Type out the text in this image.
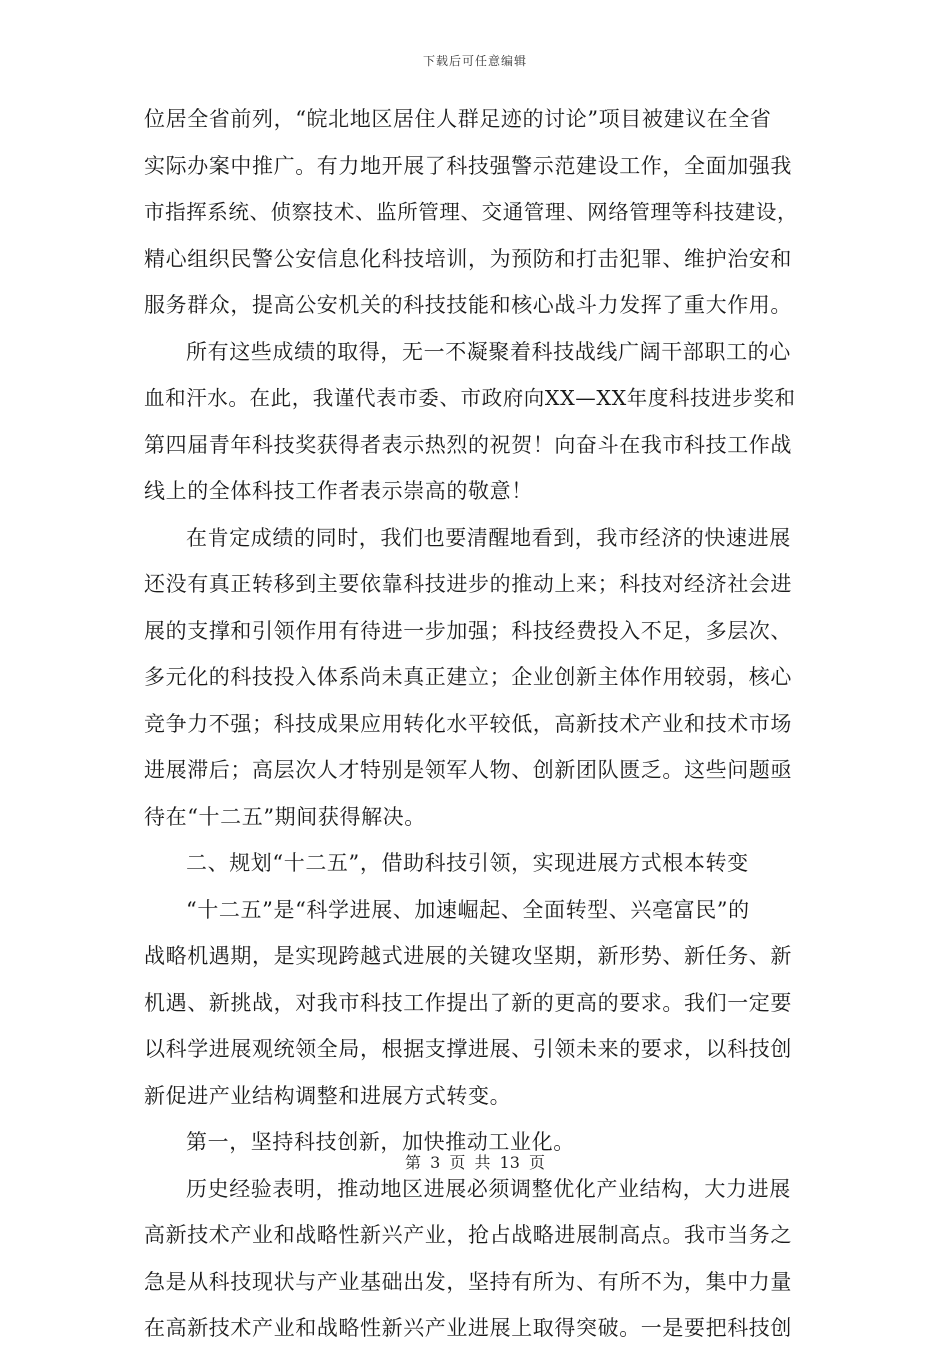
下载后可任意编辑
位居全省前列，“皖北地区居住人群足迹的讨论”项目被建议在全省
实际办案中推广。有力地开展了科技强警示范建设工作，全面加强我
市指挥系统、侦察技术、监所管理、交通管理、网络管理等科技建设，
精心组织民警公安信息化科技培训，为预防和打击犯罪、维护治安和
服务群众，提高公安机关的科技技能和核心战斗力发挥了重大作用。
所有这些成绩的取得，无一不凝聚着科技战线广阔干部职工的心
血和汗水。在此，我谨代表市委、市政府向XX—XX年度科技进步奖和
第四届青年科技奖获得者表示热烈的祝贺！向奋斗在我市科技工作战
线上的全体科技工作者表示崇高的敬意！
在肯定成绩的同时，我们也要清醒地看到，我市经济的快速进展
还没有真正转移到主要依靠科技进步的推动上来；科技对经济社会进
展的支撑和引领作用有待进一步加强；科技经费投入不足，多层次、
多元化的科技投入体系尚未真正建立；企业创新主体作用较弱，核心
竞争力不强；科技成果应用转化水平较低，高新技术产业和技术市场
进展滞后；高层次人才特别是领军人物、创新团队匮乏。这些问题亟
待在“十二五”期间获得解决。
二、规划“十二五”，借助科技引领，实现进展方式根本转变
“十二五”是“科学进展、加速崛起、全面转型、兴亳富民”的
战略机遇期，是实现跨越式进展的关键攻坚期，新形势、新任务、新
机遇、新挑战，对我市科技工作提出了新的更高的要求。我们一定要
以科学进展观统领全局，根据支撑进展、引领未来的要求，以科技创
新促进产业结构调整和进展方式转变。
第一，坚持科技创新，加快推动工业化。
历史经验表明，推动地区进展必须调整优化产业结构，大力进展
高新技术产业和战略性新兴产业，抢占战略进展制高点。我市当务之
急是从科技现状与产业基础出发，坚持有所为、有所不为，集中力量
在高新技术产业和战略性新兴产业进展上取得突破。一是要把科技创
第 3 页 共 13 页
